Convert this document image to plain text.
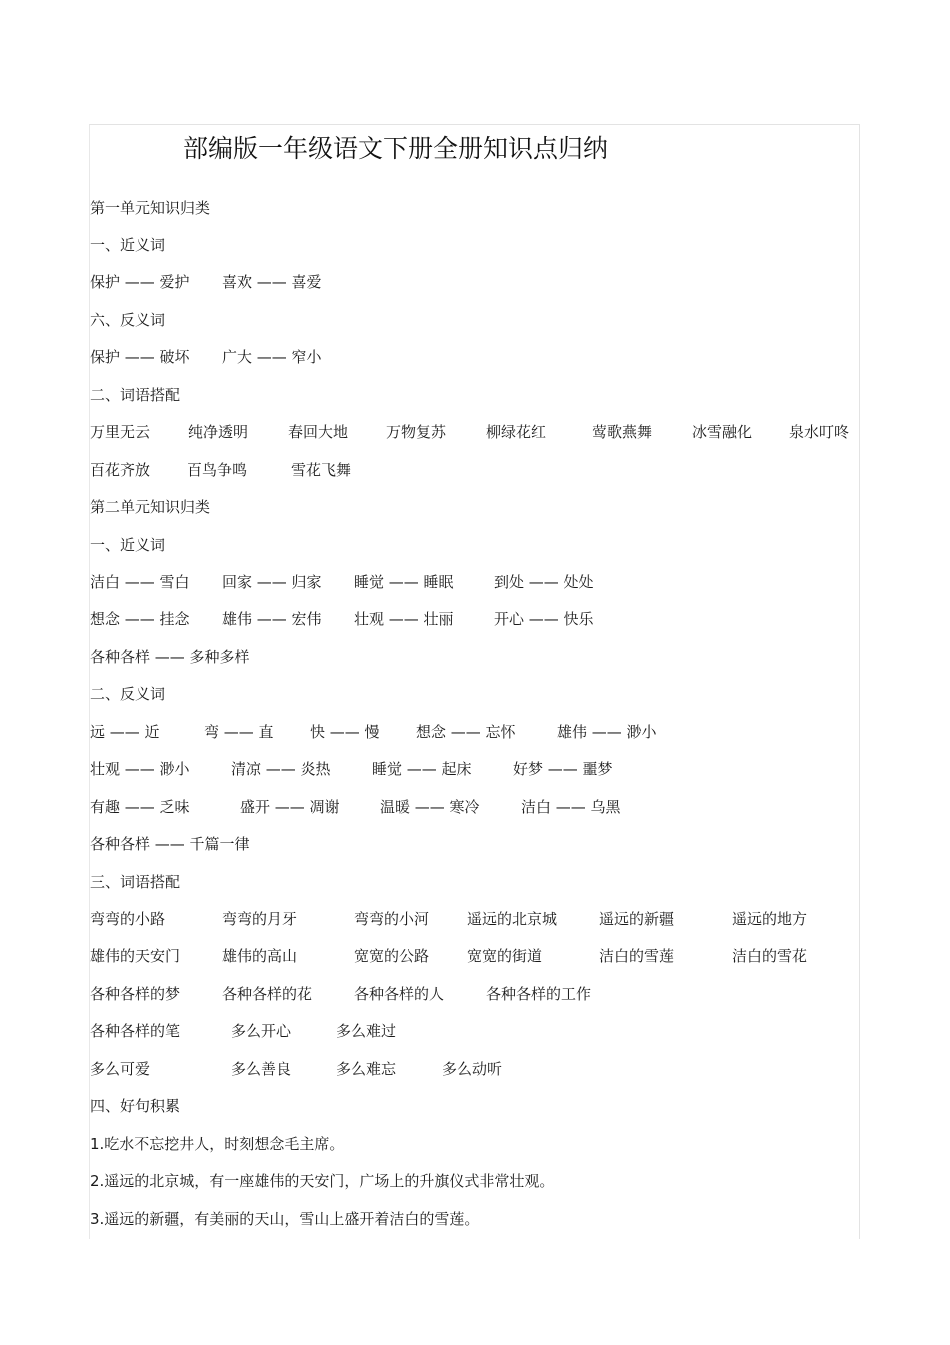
部编版一年级语文下册全册知识点归纳
第一单元知识归类
一、近义词
保护 —— 爱护 喜欢 —— 喜爱
六、反义词
保护 —— 破坏 广大 —— 窄小
二、词语搭配
万里无云	纯净透明	春回大地	万物复苏	柳绿花红	莺歌燕舞	冰雪融化 泉水叮咚
百花齐放 百鸟争鸣	雪花飞舞
第二单元知识归类
一、近义词
洁白 —— 雪白 回家 —— 归家 睡觉 —— 睡眠	到处 —— 处处
想念 —— 挂念 雄伟 —— 宏伟 壮观 —— 壮丽	开心 —— 快乐
各种各样 —— 多种多样
二、反义词
远 —— 近	弯 —— 直 快 —— 慢 想念 —— 忘怀	雄伟 —— 渺小
壮观 —— 渺小	清凉 —— 炎热	睡觉 —— 起床	好梦 —— 噩梦
有趣 —— 乏味	盛开 —— 凋谢	温暖 —— 寒冷	洁白 —— 乌黑
各种各样 —— 千篇一律
三、词语搭配
弯弯的小路	弯弯的月牙	弯弯的小河	遥远的北京城	遥远的新疆	遥远的地方
雄伟的天安门	雄伟的高山	宽宽的公路	宽宽的街道	洁白的雪莲	洁白的雪花
各种各样的梦	各种各样的花	各种各样的人	各种各样的工作
各种各样的笔	多么开心	多么难过
多么可爱	多么善良	多么难忘	多么动听
四、好句积累
1.吃水不忘挖井人，时刻想念毛主席。
2.遥远的北京城，有一座雄伟的天安门，广场上的升旗仪式非常壮观。
3.遥远的新疆，有美丽的天山，雪山上盛开着洁白的雪莲。
